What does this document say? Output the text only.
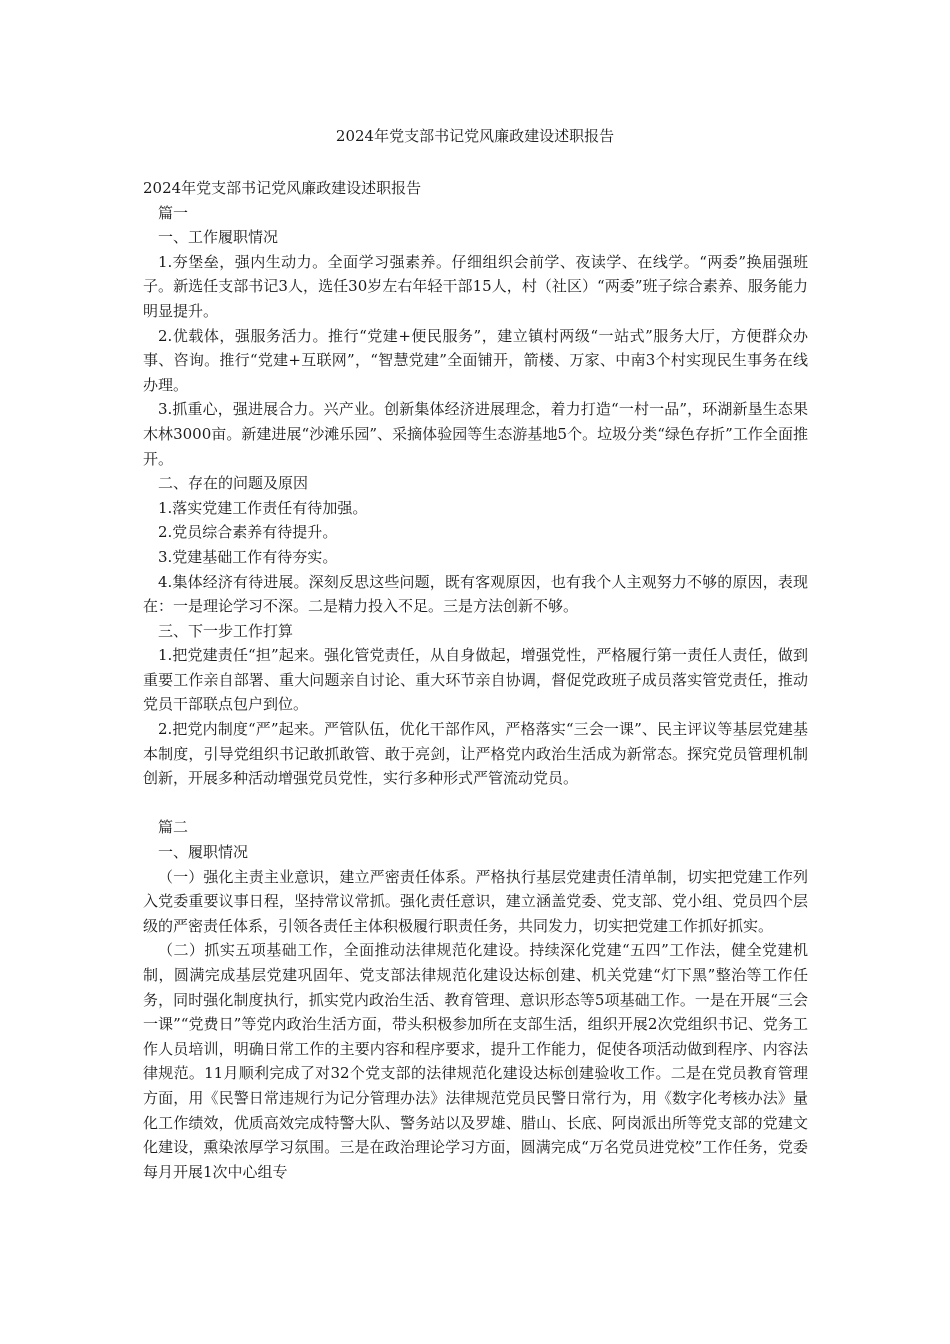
2024年党支部书记党风廉政建设述职报告

2024年党支部书记党风廉政建设述职报告

篇一

一、工作履职情况

1.夯堡垒，强内生动力。全面学习强素养。仔细组织会前学、夜读学、在线学。“两委”换届强班子。新选任支部书记3人，选任30岁左右年轻干部15人，村（社区）“两委”班子综合素养、服务能力明显提升。

2.优载体，强服务活力。推行“党建+便民服务”，建立镇村两级“一站式”服务大厅，方便群众办事、咨询。推行“党建+互联网”，“智慧党建”全面铺开，箭楼、万家、中南3个村实现民生事务在线办理。

3.抓重心，强进展合力。兴产业。创新集体经济进展理念，着力打造“一村一品”，环湖新垦生态果木林3000亩。新建进展“沙滩乐园”、采摘体验园等生态游基地5个。垃圾分类“绿色存折”工作全面推开。

二、存在的问题及原因

1.落实党建工作责任有待加强。

2.党员综合素养有待提升。

3.党建基础工作有待夯实。

4.集体经济有待进展。深刻反思这些问题，既有客观原因，也有我个人主观努力不够的原因，表现在：一是理论学习不深。二是精力投入不足。三是方法创新不够。

三、下一步工作打算

1.把党建责任“担”起来。强化管党责任，从自身做起，增强党性，严格履行第一责任人责任，做到重要工作亲自部署、重大问题亲自讨论、重大环节亲自协调，督促党政班子成员落实管党责任，推动党员干部联点包户到位。

2.把党内制度“严”起来。严管队伍，优化干部作风，严格落实“三会一课”、民主评议等基层党建基本制度，引导党组织书记敢抓敢管、敢于亮剑，让严格党内政治生活成为新常态。探究党员管理机制创新，开展多种活动增强党员党性，实行多种形式严管流动党员。

篇二

一、履职情况

（一）强化主责主业意识，建立严密责任体系。严格执行基层党建责任清单制，切实把党建工作列入党委重要议事日程，坚持常议常抓。强化责任意识，建立涵盖党委、党支部、党小组、党员四个层级的严密责任体系，引领各责任主体积极履行职责任务，共同发力，切实把党建工作抓好抓实。

（二）抓实五项基础工作，全面推动法律规范化建设。持续深化党建“五四”工作法，健全党建机制，圆满完成基层党建巩固年、党支部法律规范化建设达标创建、机关党建“灯下黑”整治等工作任务，同时强化制度执行，抓实党内政治生活、教育管理、意识形态等5项基础工作。一是在开展“三会一课”“党费日”等党内政治生活方面，带头积极参加所在支部生活，组织开展2次党组织书记、党务工作人员培训，明确日常工作的主要内容和程序要求，提升工作能力，促使各项活动做到程序、内容法律规范。11月顺利完成了对32个党支部的法律规范化建设达标创建验收工作。二是在党员教育管理方面，用《民警日常违规行为记分管理办法》法律规范党员民警日常行为，用《数字化考核办法》量化工作绩效，优质高效完成特警大队、警务站以及罗雄、腊山、长底、阿岗派出所等党支部的党建文化建设，熏染浓厚学习氛围。三是在政治理论学习方面，圆满完成“万名党员进党校”工作任务，党委每月开展1次中心组专
